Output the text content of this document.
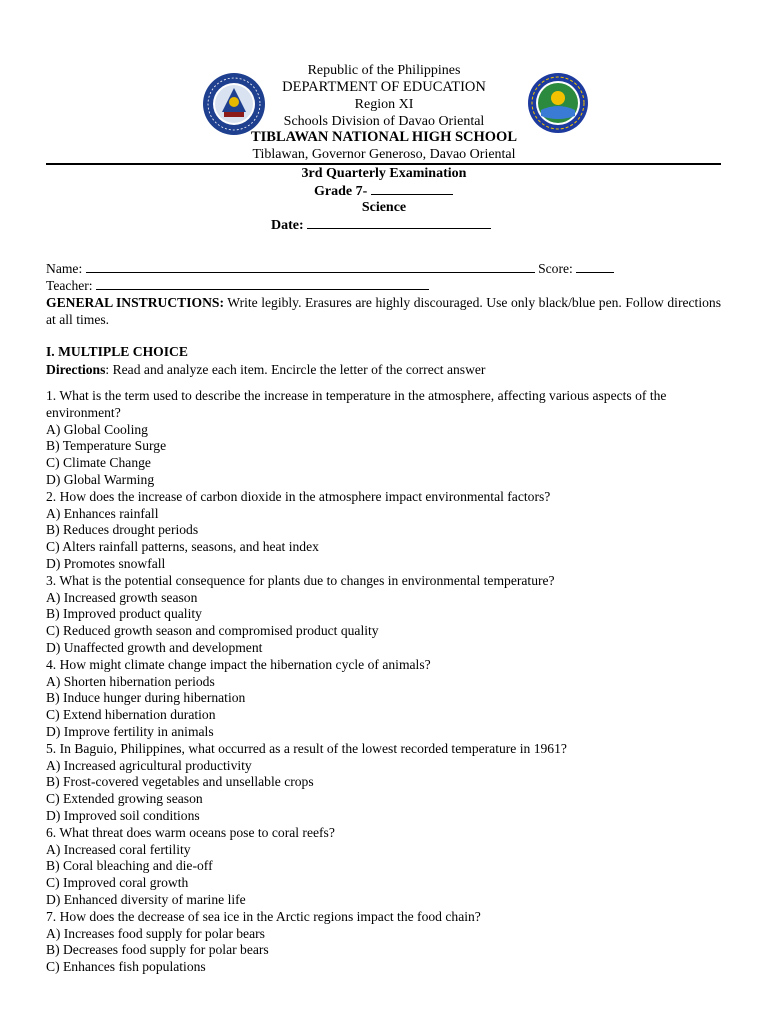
Republic of the Philippines
DEPARTMENT OF EDUCATION
Region XI
Schools Division of Davao Oriental
TIBLAWAN NATIONAL HIGH SCHOOL
Tiblawan, Governor Generoso, Davao Oriental
3rd Quarterly Examination
Grade 7-
Science
Date:
Name:	Score:
Teacher:
GENERAL INSTRUCTIONS: Write legibly. Erasures are highly discouraged. Use only black/blue pen. Follow directions at all times.
I. MULTIPLE CHOICE
Directions: Read and analyze each item. Encircle the letter of the correct answer
1. What is the term used to describe the increase in temperature in the atmosphere, affecting various aspects of the environment?
A) Global Cooling
B) Temperature Surge
C) Climate Change
D) Global Warming
2. How does the increase of carbon dioxide in the atmosphere impact environmental factors?
A) Enhances rainfall
B) Reduces drought periods
C) Alters rainfall patterns, seasons, and heat index
D) Promotes snowfall
3. What is the potential consequence for plants due to changes in environmental temperature?
A) Increased growth season
B) Improved product quality
C) Reduced growth season and compromised product quality
D) Unaffected growth and development
4. How might climate change impact the hibernation cycle of animals?
A) Shorten hibernation periods
B) Induce hunger during hibernation
C) Extend hibernation duration
D) Improve fertility in animals
5. In Baguio, Philippines, what occurred as a result of the lowest recorded temperature in 1961?
A) Increased agricultural productivity
B) Frost-covered vegetables and unsellable crops
C) Extended growing season
D) Improved soil conditions
6. What threat does warm oceans pose to coral reefs?
A) Increased coral fertility
B) Coral bleaching and die-off
C) Improved coral growth
D) Enhanced diversity of marine life
7. How does the decrease of sea ice in the Arctic regions impact the food chain?
A) Increases food supply for polar bears
B) Decreases food supply for polar bears
C) Enhances fish populations
